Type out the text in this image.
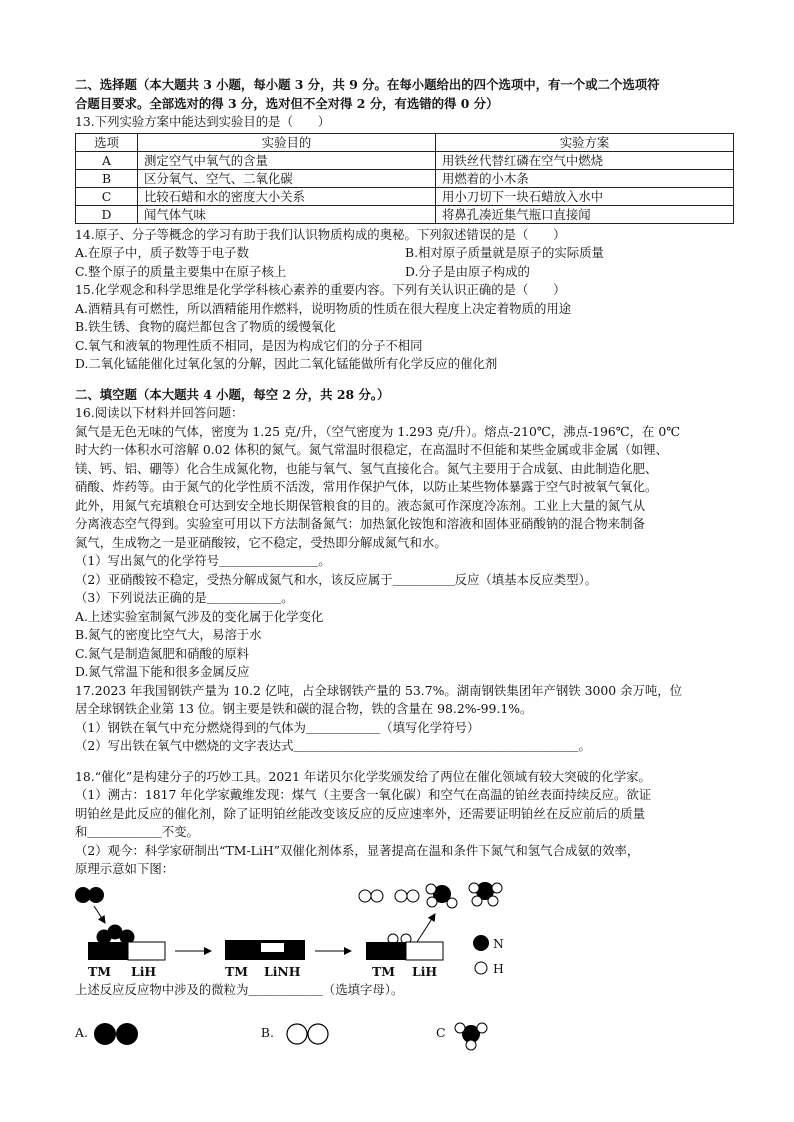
二、选择题（本大题共 3 小题，每小题 3 分，共 9 分。在每小题给出的四个选项中，有一个或二个选项符
合题目要求。全部选对的得 3 分，选对但不全对得 2 分，有选错的得 0 分）
13.下列实验方案中能达到实验目的是（　　）
选项	实验目的	实验方案
A	测定空气中氧气的含量	用铁丝代替红磷在空气中燃烧
B	区分氧气、空气、二氧化碳	用燃着的小木条
C	比较石蜡和水的密度大小关系	用小刀切下一块石蜡放入水中
D	闻气体气味	将鼻孔凑近集气瓶口直接闻
14.原子、分子等概念的学习有助于我们认识物质构成的奥秘。下列叙述错误的是（　　）
A.在原子中，质子数等于电子数	B.相对原子质量就是原子的实际质量
C.整个原子的质量主要集中在原子核上	D.分子是由原子构成的
15.化学观念和科学思维是化学学科核心素养的重要内容。下列有关认识正确的是（　　）
A.酒精具有可燃性，所以酒精能用作燃料，说明物质的性质在很大程度上决定着物质的用途
B.铁生锈、食物的腐烂都包含了物质的缓慢氧化
C.氧气和液氧的物理性质不相同，是因为构成它们的分子不相同
D.二氧化锰能催化过氧化氢的分解，因此二氧化锰能做所有化学反应的催化剂
二、填空题（本大题共 4 小题，每空 2 分，共 28 分。）
16.阅读以下材料并回答问题：
氮气是无色无味的气体，密度为 1.25 克/升，（空气密度为 1.293 克/升）。熔点-210℃，沸点-196℃，在 0℃
时大约一体积水可溶解 0.02 体积的氮气。氮气常温时很稳定，在高温时不但能和某些金属或非金属（如锂、
镁、钙、铝、硼等）化合生成氮化物，也能与氧气、氢气直接化合。氮气主要用于合成氨、由此制造化肥、
硝酸、炸药等。由于氮气的化学性质不活泼，常用作保护气体，以防止某些物体暴露于空气时被氧气氧化。
此外，用氮气充填粮仓可达到安全地长期保管粮食的目的。液态氮可作深度冷冻剂。工业上大量的氮气从
分离液态空气得到。实验室可用以下方法制备氮气：加热氯化铵饱和溶液和固体亚硝酸钠的混合物来制备
氮气，生成物之一是亚硝酸铵，它不稳定，受热即分解成氮气和水。
（1）写出氮气的化学符号＿＿＿＿＿＿＿＿。
（2）亚硝酸铵不稳定，受热分解成氮气和水，该反应属于＿＿＿＿＿反应（填基本反应类型）。
（3）下列说法正确的是＿＿＿＿＿＿。
A.上述实验室制氮气涉及的变化属于化学变化
B.氮气的密度比空气大，易溶于水
C.氮气是制造氮肥和硝酸的原料
D.氮气常温下能和很多金属反应
17.2023 年我国钢铁产量为 10.2 亿吨，占全球钢铁产量的 53.7%。湖南钢铁集团年产钢铁 3000 余万吨，位
居全球钢铁企业第 13 位。钢主要是铁和碳的混合物，铁的含量在 98.2%-99.1%。
（1）钢铁在氧气中充分燃烧得到的气体为＿＿＿＿＿＿（填写化学符号）
（2）写出铁在氧气中燃烧的文字表达式＿＿＿＿＿＿＿＿＿＿＿＿＿＿＿＿＿＿＿＿＿＿＿。
18.“催化”是构建分子的巧妙工具。2021 年诺贝尔化学奖颁发给了两位在催化领域有较大突破的化学家。
（1）溯古：1817 年化学家戴维发现：煤气（主要含一氧化碳）和空气在高温的铂丝表面持续反应。欲证
明铂丝是此反应的催化剂，除了证明铂丝能改变该反应的反应速率外，还需要证明铂丝在反应前后的质量
和＿＿＿＿＿＿不变。
（2）观今：科学家研制出“TM-LiH”双催化剂体系，显著提高在温和条件下氮气和氢气合成氨的效率，
原理示意如下图：
TM LiH	TM LiNH	TM LiH
N
H
上述反应反应物中涉及的微粒为＿＿＿＿＿＿（选填字母）。
A.	B.	C
